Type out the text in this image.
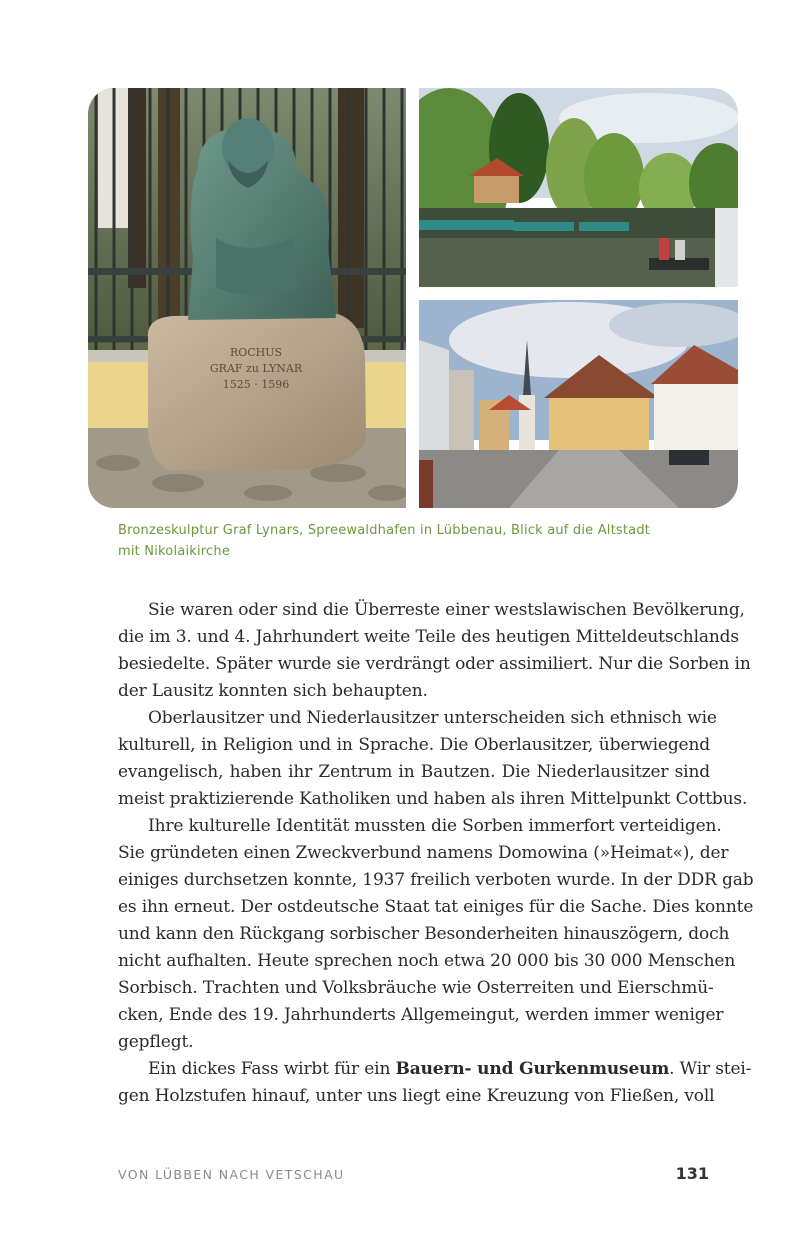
ROCHUS
GRAF zu LYNAR
1525 · 1596

Bronzeskulptur Graf Lynars, Spreewaldhafen in Lübbenau, Blick auf die Altstadt
mit Nikolaikirche

Sie waren oder sind die Überreste einer westslawischen Bevölkerung,
die im 3. und 4. Jahrhundert weite Teile des heutigen Mitteldeutschlands
besiedelte. Später wurde sie verdrängt oder assimiliert. Nur die Sorben in
der Lausitz konnten sich behaupten.
Oberlausitzer und Niederlausitzer unterscheiden sich ethnisch wie
kulturell, in Religion und in Sprache. Die Oberlausitzer, überwiegend
evangelisch, haben ihr Zentrum in Bautzen. Die Niederlausitzer sind
meist praktizierende Katholiken und haben als ihren Mittelpunkt Cottbus.
Ihre kulturelle Identität mussten die Sorben immerfort verteidigen.
Sie gründeten einen Zweckverbund namens Domowina (»Heimat«), der
einiges durchsetzen konnte, 1937 freilich verboten wurde. In der DDR gab
es ihn erneut. Der ostdeutsche Staat tat einiges für die Sache. Dies konnte
und kann den Rückgang sorbischer Besonderheiten hinauszögern, doch
nicht aufhalten. Heute sprechen noch etwa 20 000 bis 30 000 Menschen
Sorbisch. Trachten und Volksbräuche wie Osterreiten und Eierschmü-
cken, Ende des 19. Jahrhunderts Allgemeingut, werden immer weniger
gepflegt.
Ein dickes Fass wirbt für ein Bauern- und Gurkenmuseum. Wir stei-
gen Holzstufen hinauf, unter uns liegt eine Kreuzung von Fließen, voll
VON LÜBBEN NACH VETSCHAU	131
